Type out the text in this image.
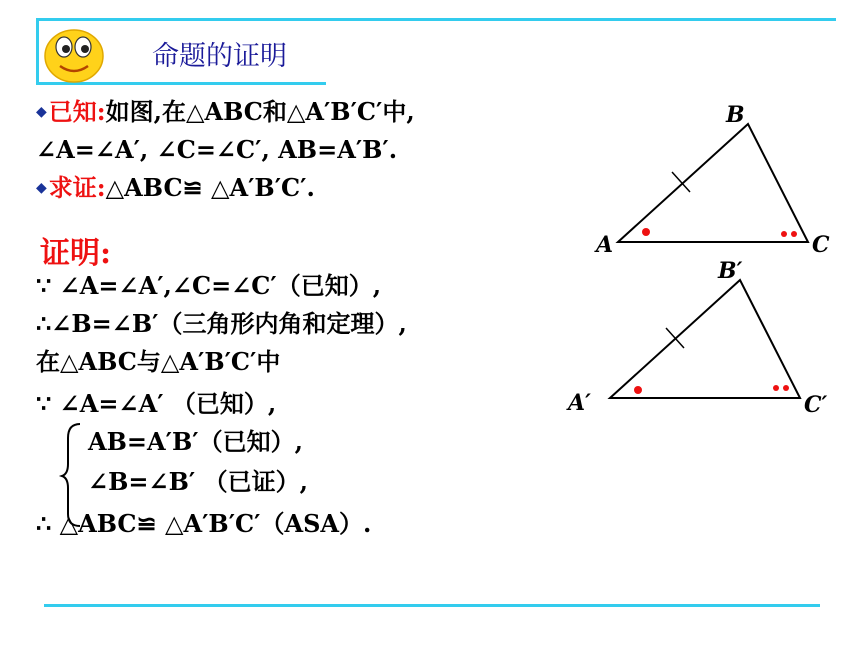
命题的证明
◆已知:如图,在△ABC和△A′B′C′中,
∠A=∠A′, ∠C=∠C′, AB=A′B′.
◆求证:△ABC≌ △A′B′C′.
证明:
∵ ∠A=∠A′,∠C=∠C′（已知）,
∴∠B=∠B′（三角形内角和定理）,
在△ABC与△A′B′C′中
∵ ∠A=∠A′ （已知）,
AB=A′B′（已知）,
∠B=∠B′ （已证）,
∴ △ABC≌ △A′B′C′（ASA）.
A
B
C
A′
B′
C′
